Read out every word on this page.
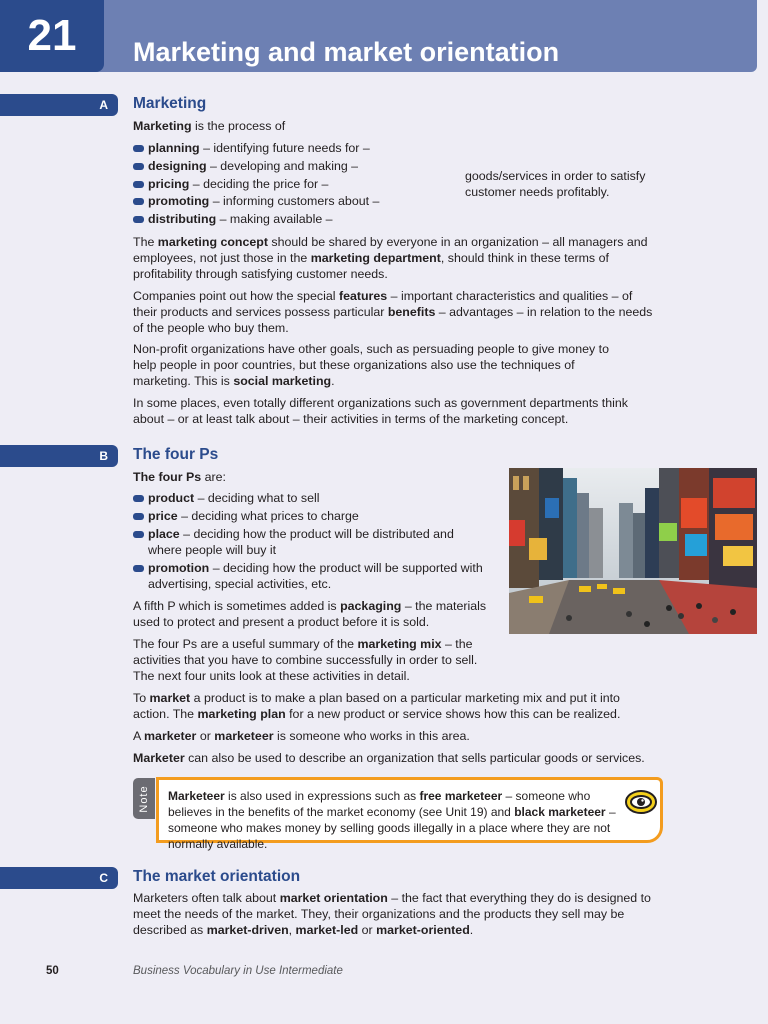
21	Marketing and market orientation
A	Marketing
Marketing is the process of
planning – identifying future needs for –
designing – developing and making –
pricing – deciding the price for –
promoting – informing customers about –
distributing – making available –
goods/services in order to satisfy
customer needs profitably.

The marketing concept should be shared by everyone in an organization – all managers and employees, not just those in the marketing department, should think in these terms of profitability through satisfying customer needs.

Companies point out how the special features – important characteristics and qualities – of their products and services possess particular benefits – advantages – in relation to the needs of the people who buy them.

Non-profit organizations have other goals, such as persuading people to give money to help people in poor countries, but these organizations also use the techniques of marketing. This is social marketing.

In some places, even totally different organizations such as government departments think about – or at least talk about – their activities in terms of the marketing concept.

B	The four Ps
The four Ps are:
product – deciding what to sell
price – deciding what prices to charge
place – deciding how the product will be distributed and where people will buy it
promotion – deciding how the product will be supported with advertising, special activities, etc.

A fifth P which is sometimes added is packaging – the materials used to protect and present a product before it is sold.

The four Ps are a useful summary of the marketing mix – the activities that you have to combine successfully in order to sell. The next four units look at these activities in detail.

To market a product is to make a plan based on a particular marketing mix and put it into action. The marketing plan for a new product or service shows how this can be realized.

A marketer or marketeer is someone who works in this area.

Marketer can also be used to describe an organization that sells particular goods or services.

Note Marketeer is also used in expressions such as free marketeer – someone who believes in the benefits of the market economy (see Unit 19) and black marketeer – someone who makes money by selling goods illegally in a place where they are not normally available.
C	The market orientation

Marketers often talk about market orientation – the fact that everything they do is designed to meet the needs of the market. They, their organizations and the products they sell may be described as market-driven, market-led or market-oriented.

50	Business Vocabulary in Use Intermediate
